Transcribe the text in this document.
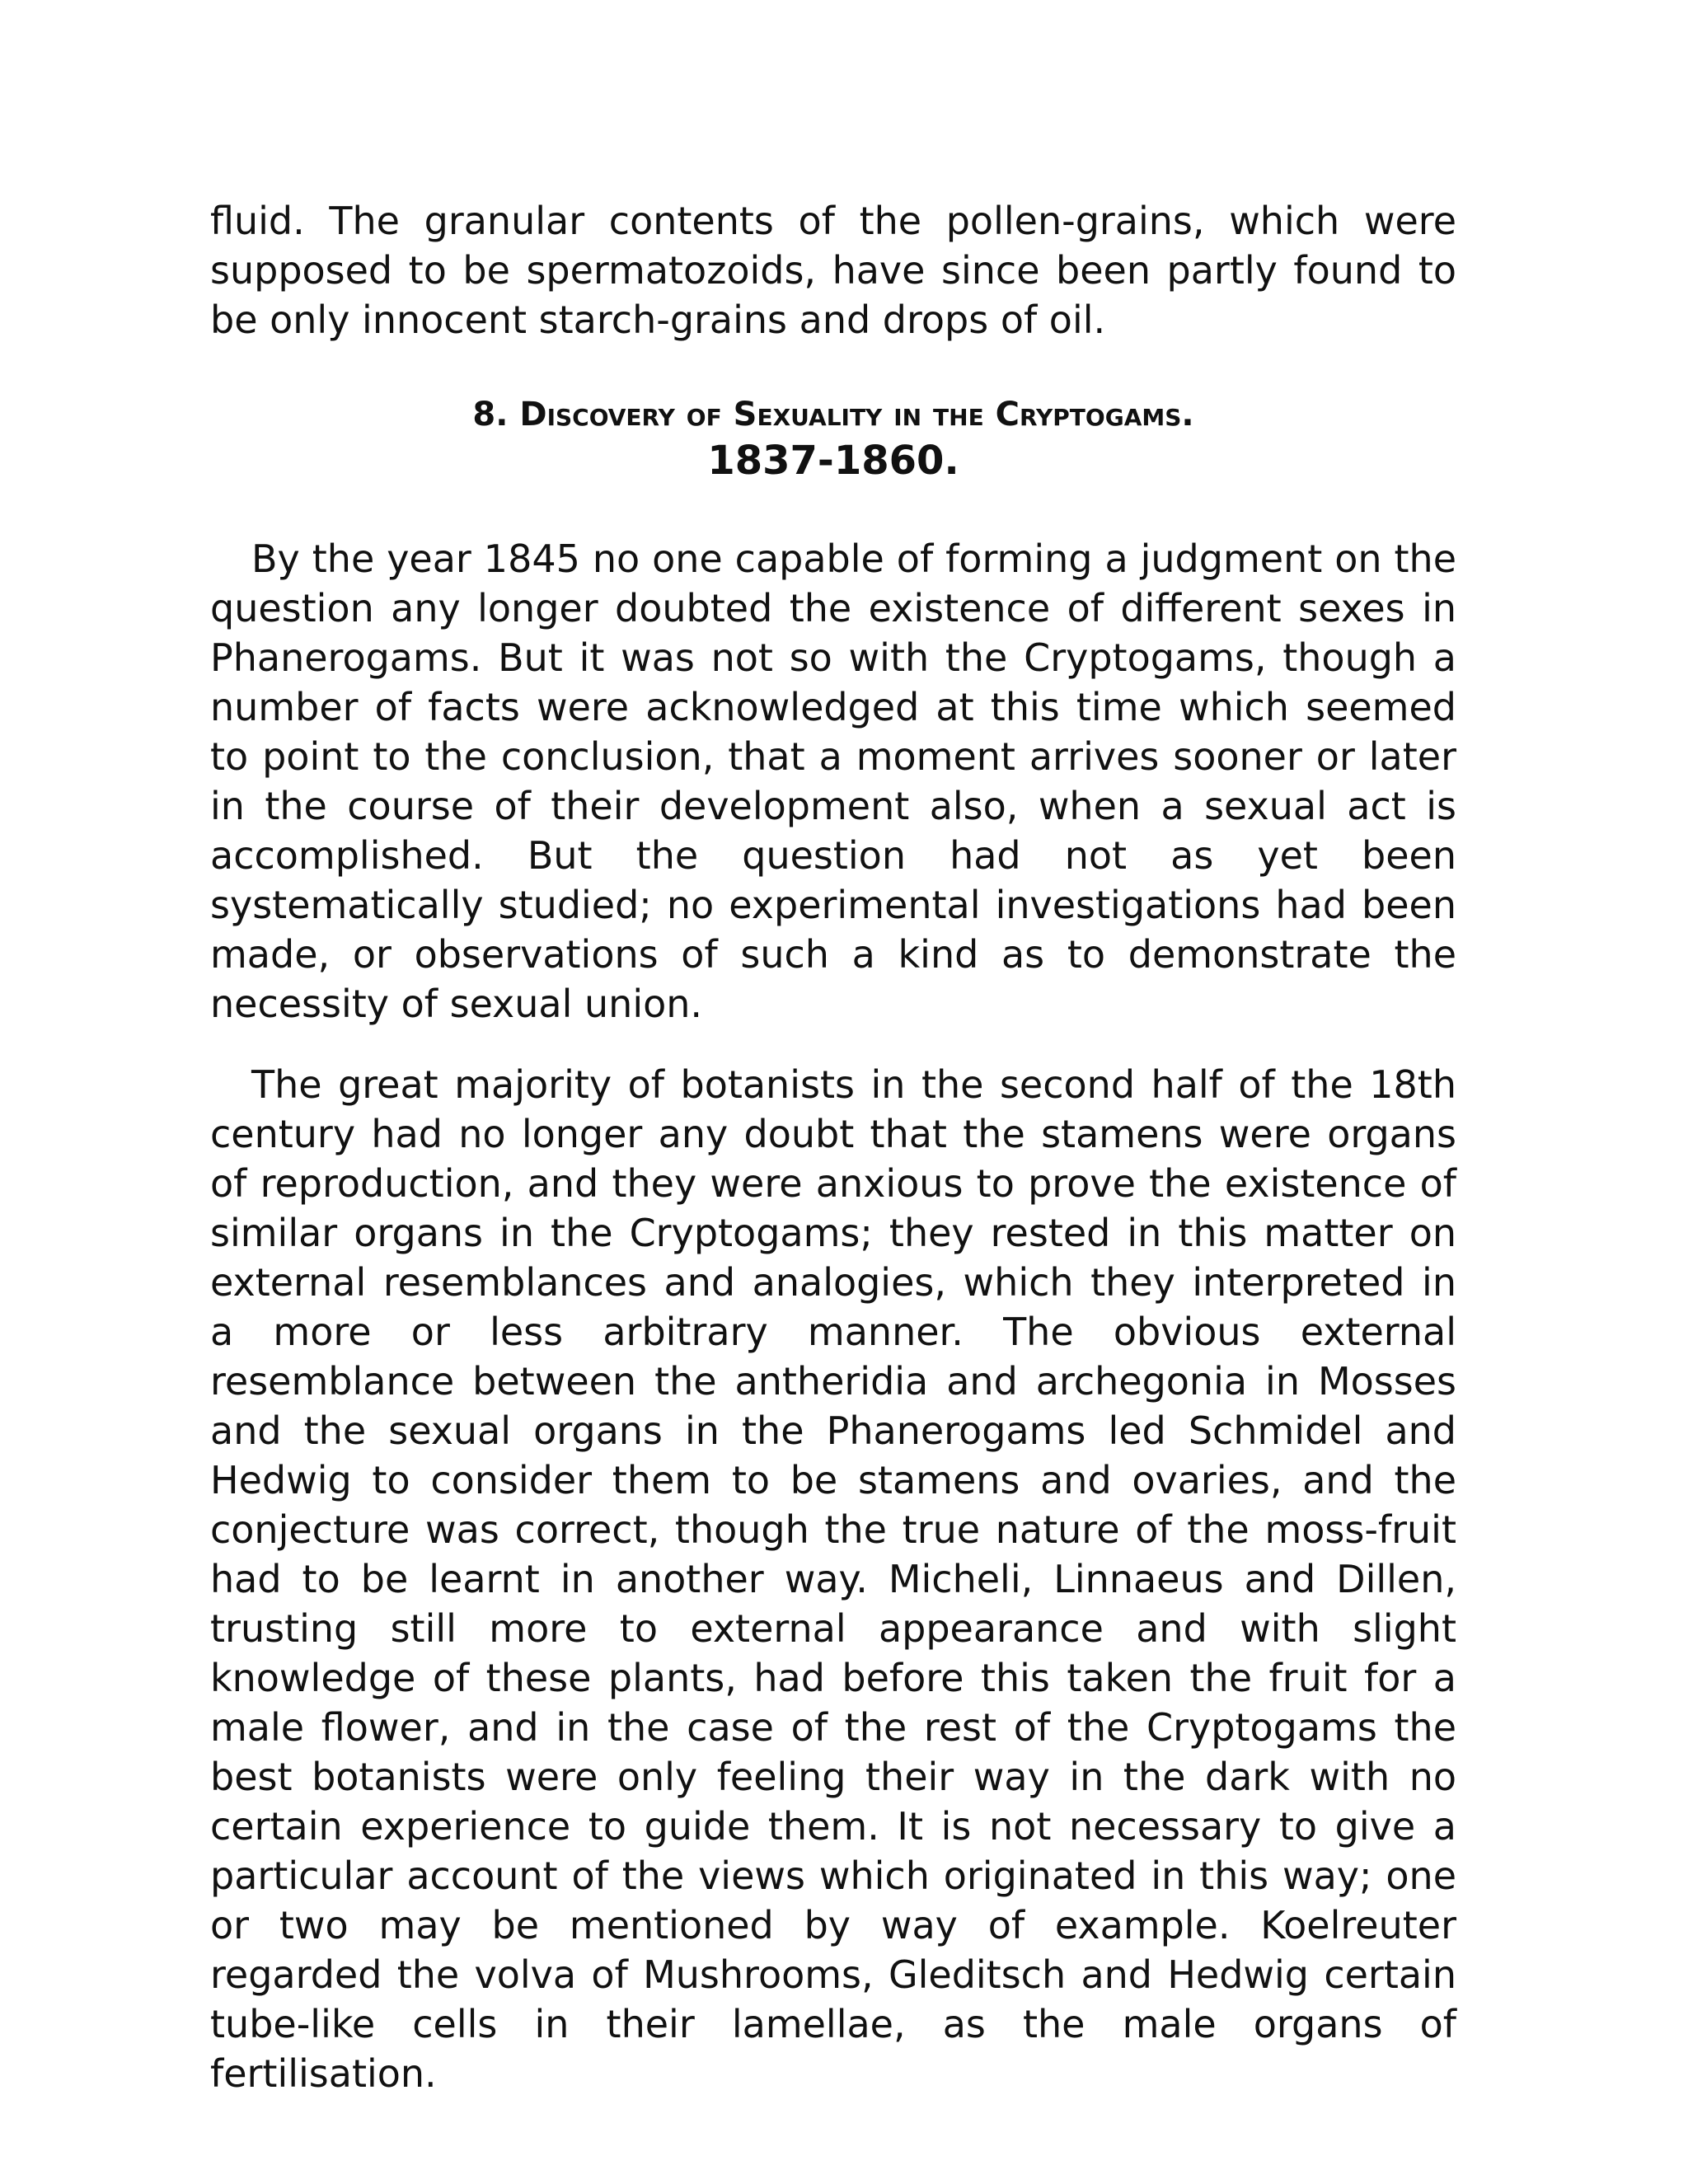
fluid. The granular contents of the pollen-grains, which were supposed to be spermatozoids, have since been partly found to be only innocent starch-grains and drops of oil.

8. Discovery of Sexuality in the Cryptogams.

1837-1860.

By the year 1845 no one capable of forming a judgment on the question any longer doubted the existence of different sexes in Phanerogams. But it was not so with the Cryptogams, though a number of facts were acknowledged at this time which seemed to point to the conclusion, that a moment arrives sooner or later in the course of their development also, when a sexual act is accomplished. But the question had not as yet been systematically studied; no experimental investigations had been made, or observations of such a kind as to demonstrate the necessity of sexual union.

The great majority of botanists in the second half of the 18th century had no longer any doubt that the stamens were organs of reproduction, and they were anxious to prove the existence of similar organs in the Cryptogams; they rested in this matter on external resemblances and analogies, which they interpreted in a more or less arbitrary manner. The obvious external resemblance between the antheridia and archegonia in Mosses and the sexual organs in the Phanerogams led Schmidel and Hedwig to consider them to be stamens and ovaries, and the conjecture was correct, though the true nature of the moss-fruit had to be learnt in another way. Micheli, Linnaeus and Dillen, trusting still more to external appearance and with slight knowledge of these plants, had before this taken the fruit for a male flower, and in the case of the rest of the Cryptogams the best botanists were only feeling their way in the dark with no certain experience to guide them. It is not necessary to give a particular account of the views which originated in this way; one or two may be mentioned by way of example. Koelreuter regarded the volva of Mushrooms, Gleditsch and Hedwig certain tube-like cells in their lamellae, as the male organs of fertilisation.
